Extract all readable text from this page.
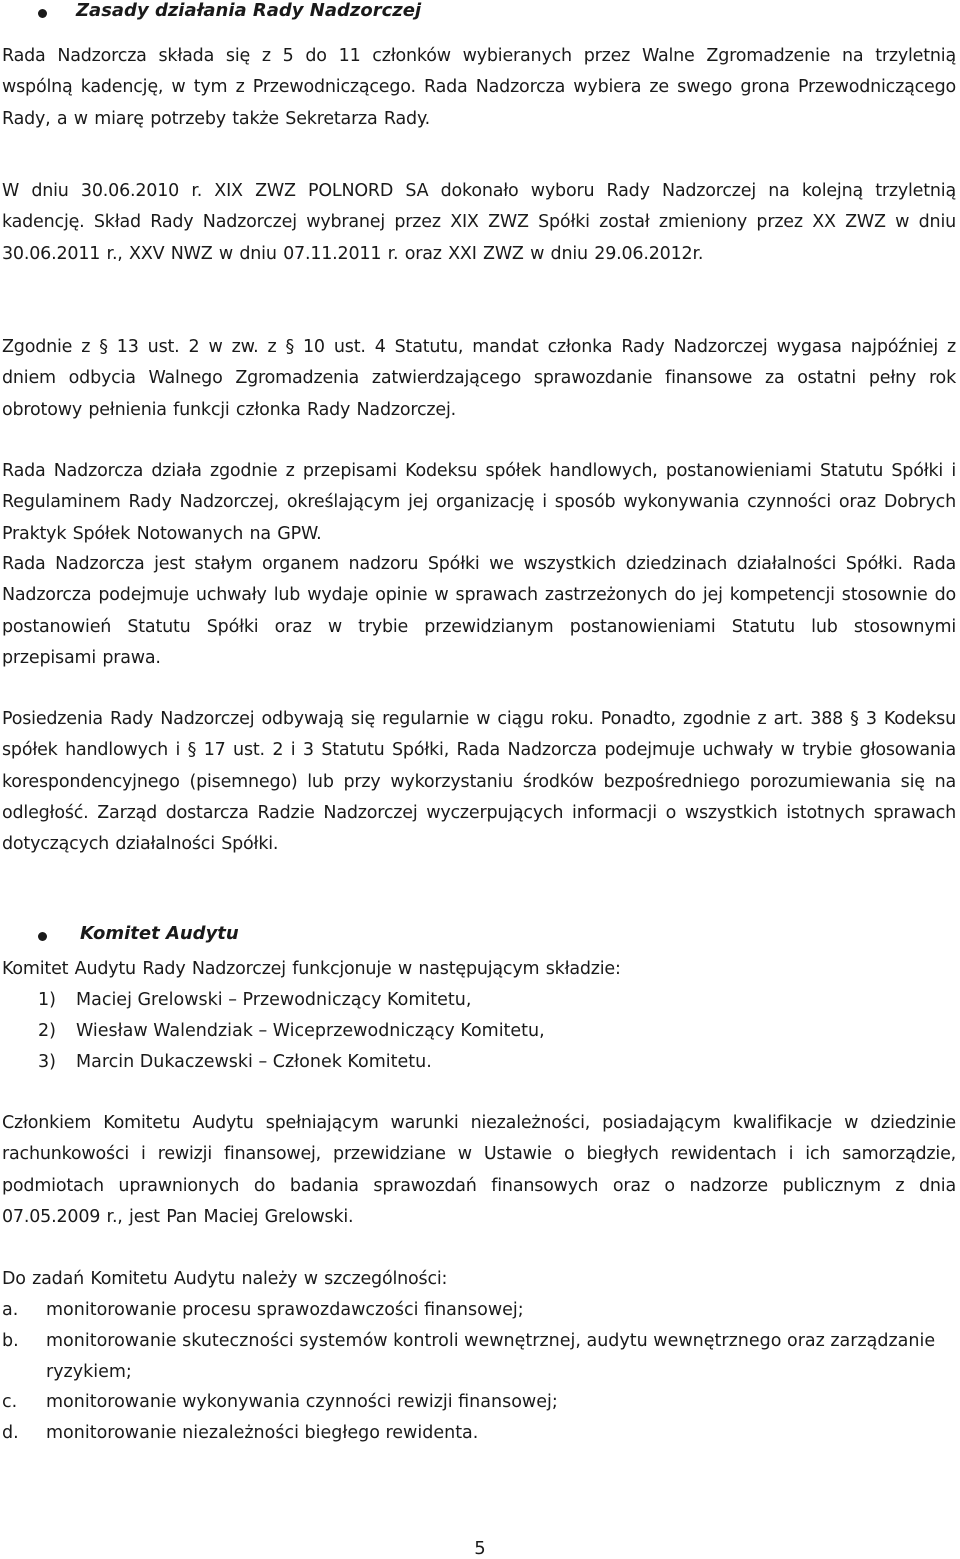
Zasady działania Rady Nadzorczej

Rada Nadzorcza składa się z 5 do 11 członków wybieranych przez Walne Zgromadzenie na trzyletnią wspólną kadencję, w tym z Przewodniczącego. Rada Nadzorcza wybiera ze swego grona Przewodniczącego Rady, a w miarę potrzeby także Sekretarza Rady.

W dniu 30.06.2010 r. XIX ZWZ POLNORD SA dokonało wyboru Rady Nadzorczej na kolejną trzyletnią kadencję. Skład Rady Nadzorczej wybranej przez XIX ZWZ Spółki został zmieniony przez XX ZWZ w dniu 30.06.2011 r., XXV NWZ w dniu 07.11.2011 r. oraz XXI ZWZ w dniu 29.06.2012r.

Zgodnie z § 13 ust. 2 w zw. z § 10 ust. 4 Statutu, mandat członka Rady Nadzorczej wygasa najpóźniej z dniem odbycia Walnego Zgromadzenia zatwierdzającego sprawozdanie finansowe za ostatni pełny rok obrotowy pełnienia funkcji członka Rady Nadzorczej.

Rada Nadzorcza działa zgodnie z przepisami Kodeksu spółek handlowych, postanowieniami Statutu Spółki i Regulaminem Rady Nadzorczej, określającym jej organizację i sposób wykonywania czynności oraz Dobrych Praktyk Spółek Notowanych na GPW.

Rada Nadzorcza jest stałym organem nadzoru Spółki we wszystkich dziedzinach działalności Spółki. Rada Nadzorcza podejmuje uchwały lub wydaje opinie w sprawach zastrzeżonych do jej kompetencji stosownie do postanowień Statutu Spółki oraz w trybie przewidzianym postanowieniami Statutu lub stosownymi przepisami prawa.

Posiedzenia Rady Nadzorczej odbywają się regularnie w ciągu roku. Ponadto, zgodnie z art. 388 § 3 Kodeksu spółek handlowych i § 17 ust. 2 i 3 Statutu Spółki, Rada Nadzorcza podejmuje uchwały w trybie głosowania korespondencyjnego (pisemnego) lub przy wykorzystaniu środków bezpośredniego porozumiewania się na odległość. Zarząd dostarcza Radzie Nadzorczej wyczerpujących informacji o wszystkich istotnych sprawach dotyczących działalności Spółki.

Komitet Audytu

Komitet Audytu Rady Nadzorczej funkcjonuje w następującym składzie:

1)	Maciej Grelowski – Przewodniczący Komitetu,
2)	Wiesław Walendziak – Wiceprzewodniczący Komitetu,
3)	Marcin Dukaczewski – Członek Komitetu.

Członkiem Komitetu Audytu spełniającym warunki niezależności, posiadającym kwalifikacje w dziedzinie rachunkowości i rewizji finansowej, przewidziane w Ustawie o biegłych rewidentach i ich samorządzie, podmiotach uprawnionych do badania sprawozdań finansowych oraz o nadzorze publicznym z dnia 07.05.2009 r., jest Pan Maciej Grelowski.

Do zadań Komitetu Audytu należy w szczególności:

a.	monitorowanie procesu sprawozdawczości finansowej;
b.	monitorowanie skuteczności systemów kontroli wewnętrznej, audytu wewnętrznego oraz zarządzanie ryzykiem;
c.	monitorowanie wykonywania czynności rewizji finansowej;
d.	monitorowanie niezależności biegłego rewidenta.
5
